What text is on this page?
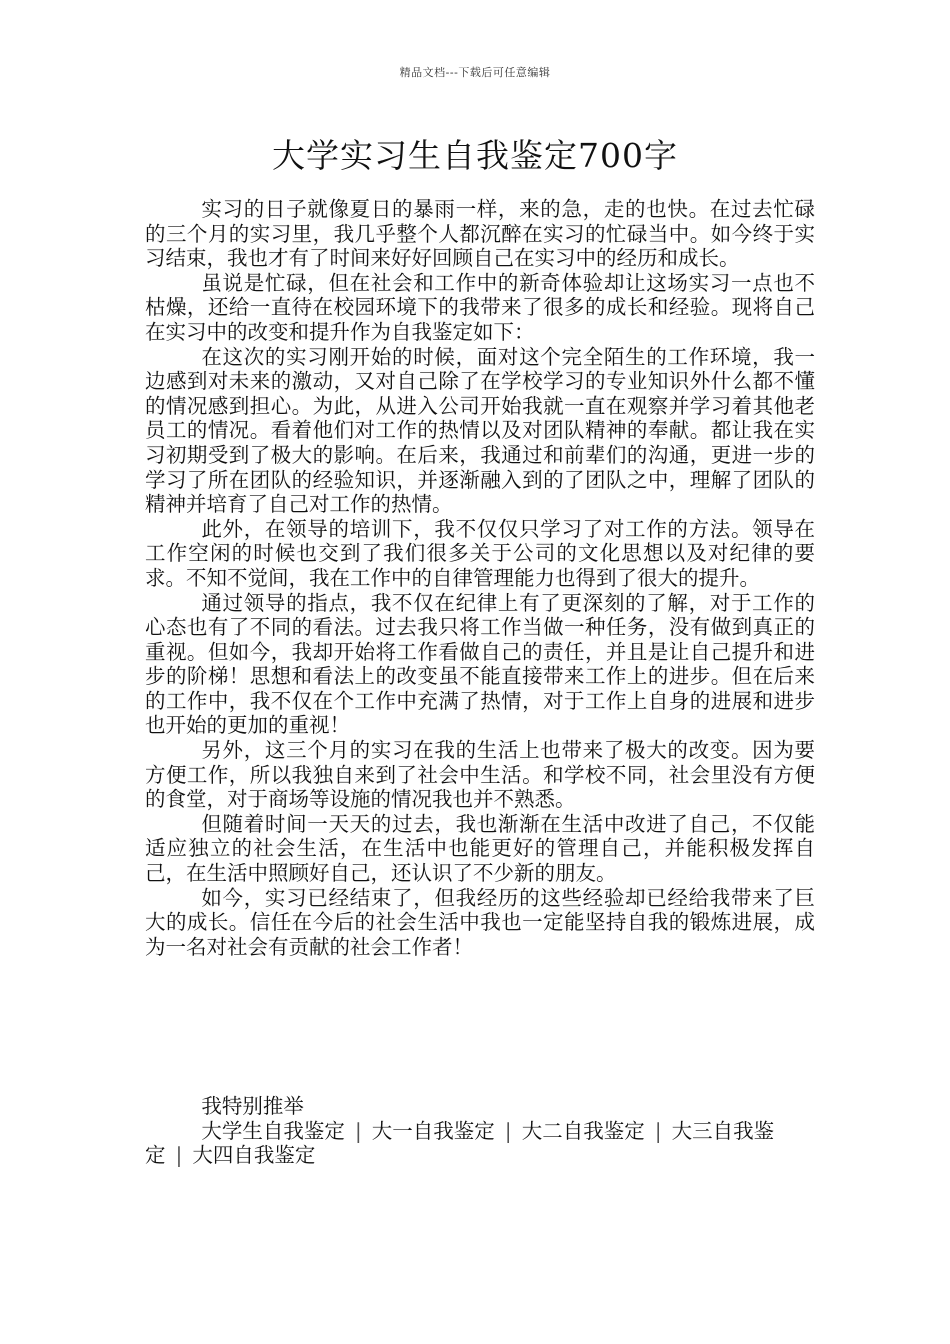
精品文档---下载后可任意编辑
大学实习生自我鉴定700字

实习的日子就像夏日的暴雨一样，来的急，走的也快。在过去忙碌的三个月的实习里，我几乎整个人都沉醉在实习的忙碌当中。如今终于实习结束，我也才有了时间来好好回顾自己在实习中的经历和成长。

虽说是忙碌，但在社会和工作中的新奇体验却让这场实习一点也不枯燥，还给一直待在校园环境下的我带来了很多的成长和经验。现将自己在实习中的改变和提升作为自我鉴定如下：

在这次的实习刚开始的时候，面对这个完全陌生的工作环境，我一边感到对未来的激动，又对自己除了在学校学习的专业知识外什么都不懂的情况感到担心。为此，从进入公司开始我就一直在观察并学习着其他老员工的情况。看着他们对工作的热情以及对团队精神的奉献。都让我在实习初期受到了极大的影响。在后来，我通过和前辈们的沟通，更进一步的学习了所在团队的经验知识，并逐渐融入到的了团队之中，理解了团队的精神并培育了自己对工作的热情。

此外，在领导的培训下，我不仅仅只学习了对工作的方法。领导在工作空闲的时候也交到了我们很多关于公司的文化思想以及对纪律的要求。不知不觉间，我在工作中的自律管理能力也得到了很大的提升。

通过领导的指点，我不仅在纪律上有了更深刻的了解，对于工作的心态也有了不同的看法。过去我只将工作当做一种任务，没有做到真正的重视。但如今，我却开始将工作看做自己的责任，并且是让自己提升和进步的阶梯！思想和看法上的改变虽不能直接带来工作上的进步。但在后来的工作中，我不仅在个工作中充满了热情，对于工作上自身的进展和进步也开始的更加的重视！

另外，这三个月的实习在我的生活上也带来了极大的改变。因为要方便工作，所以我独自来到了社会中生活。和学校不同，社会里没有方便的食堂，对于商场等设施的情况我也并不熟悉。

但随着时间一天天的过去，我也渐渐在生活中改进了自己，不仅能适应独立的社会生活，在生活中也能更好的管理自己，并能积极发挥自己，在生活中照顾好自己，还认识了不少新的朋友。

如今，实习已经结束了，但我经历的这些经验却已经给我带来了巨大的成长。信任在今后的社会生活中我也一定能坚持自我的锻炼进展，成为一名对社会有贡献的社会工作者！

我特别推举

大学生自我鉴定 | 大一自我鉴定 | 大二自我鉴定 | 大三自我鉴定 | 大四自我鉴定
